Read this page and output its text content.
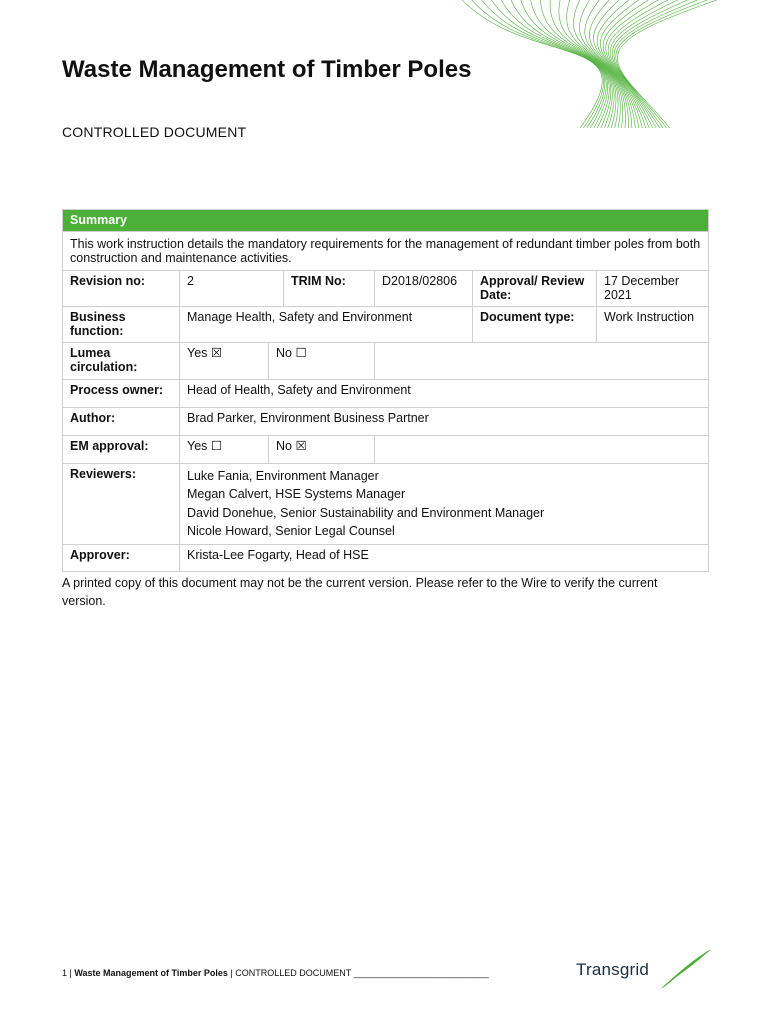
Waste Management of Timber Poles
CONTROLLED DOCUMENT
Summary						
This work instruction details the mandatory requirements for the management of redundant timber poles from both construction and maintenance activities.						
Revision no:	2		TRIM No:	D2018/02806	Approval/ Review Date:	17 December 2021
Business function:	Manage Health, Safety and Environment				Document type:	Work Instruction
Lumea circulation:	Yes ☒	No ☐				
Process owner:	Head of Health, Safety and Environment					
Author:	Brad Parker, Environment Business Partner					
EM approval:	Yes ☐	No ☒				
Reviewers:	Luke Fania, Environment Manager
Megan Calvert, HSE Systems Manager
David Donehue, Senior Sustainability and Environment Manager
Nicole Howard, Senior Legal Counsel					

Approver:	Krista-Lee Fogarty, Head of HSE					
A printed copy of this document may not be the current version. Please refer to the Wire to verify the current version.
1 | Waste Management of Timber Poles | CONTROLLED DOCUMENT ___________________________	Transgrid
